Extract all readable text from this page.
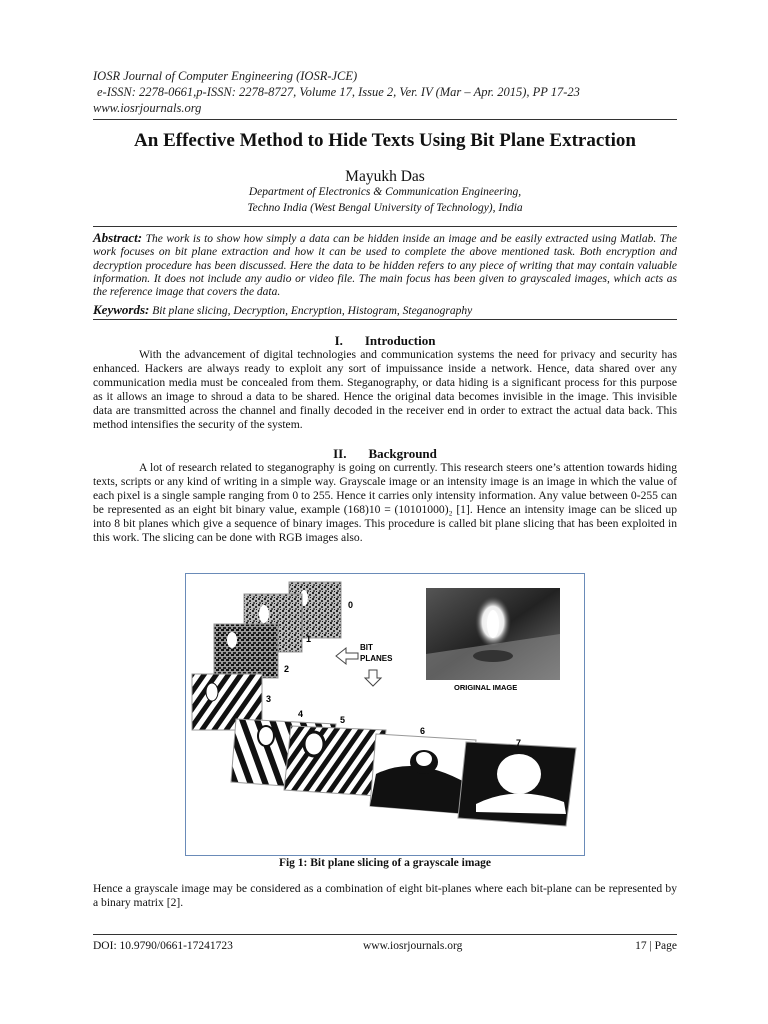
IOSR Journal of Computer Engineering (IOSR-JCE)
e-ISSN: 2278-0661,p-ISSN: 2278-8727, Volume 17, Issue 2, Ver. IV (Mar – Apr. 2015), PP 17-23
www.iosrjournals.org
An Effective Method to Hide Texts Using Bit Plane Extraction
Mayukh Das
Department of Electronics & Communication Engineering,
Techno India (West Bengal University of Technology), India
Abstract: The work is to show how simply a data can be hidden inside an image and be easily extracted using Matlab. The work focuses on bit plane extraction and how it can be used to complete the above mentioned task. Both encryption and decryption procedure has been discussed. Here the data to be hidden refers to any piece of writing that may contain valuable information. It does not include any audio or video file. The main focus has been given to grayscaled images, which acts as the reference image that covers the data.
Keywords: Bit plane slicing, Decryption, Encryption, Histogram, Steganography
I. Introduction
With the advancement of digital technologies and communication systems the need for privacy and security has enhanced. Hackers are always ready to exploit any sort of impuissance inside a network. Hence, data shared over any communication media must be concealed from them. Steganography, or data hiding is a significant process for this purpose as it allows an image to shroud a data to be shared. Hence the original data becomes invisible in the image. This invisible data are transmitted across the channel and finally decoded in the receiver end in order to extract the actual data back. This method intensifies the security of the system.
II. Background
A lot of research related to steganography is going on currently. This research steers one’s attention towards hiding texts, scripts or any kind of writing in a simple way. Grayscale image or an intensity image is an image in which the value of each pixel is a single sample ranging from 0 to 255. Hence it carries only intensity information. Any value between 0-255 can be represented as an eight bit binary value, example (168)10 = (10101000)₂ [1]. Hence an intensity image can be sliced up into 8 bit planes which give a sequence of binary images. This procedure is called bit plane slicing that has been exploited in this work. The slicing can be done with RGB images also.
0
1
2
3
4
5
6
7
BIT
PLANES
ORIGINAL IMAGE
Fig 1: Bit plane slicing of a grayscale image
Hence a grayscale image may be considered as a combination of eight bit-planes where each bit-plane can be represented by a binary matrix [2].
DOI: 10.9790/0661-17241723	www.iosrjournals.org	17 | Page
